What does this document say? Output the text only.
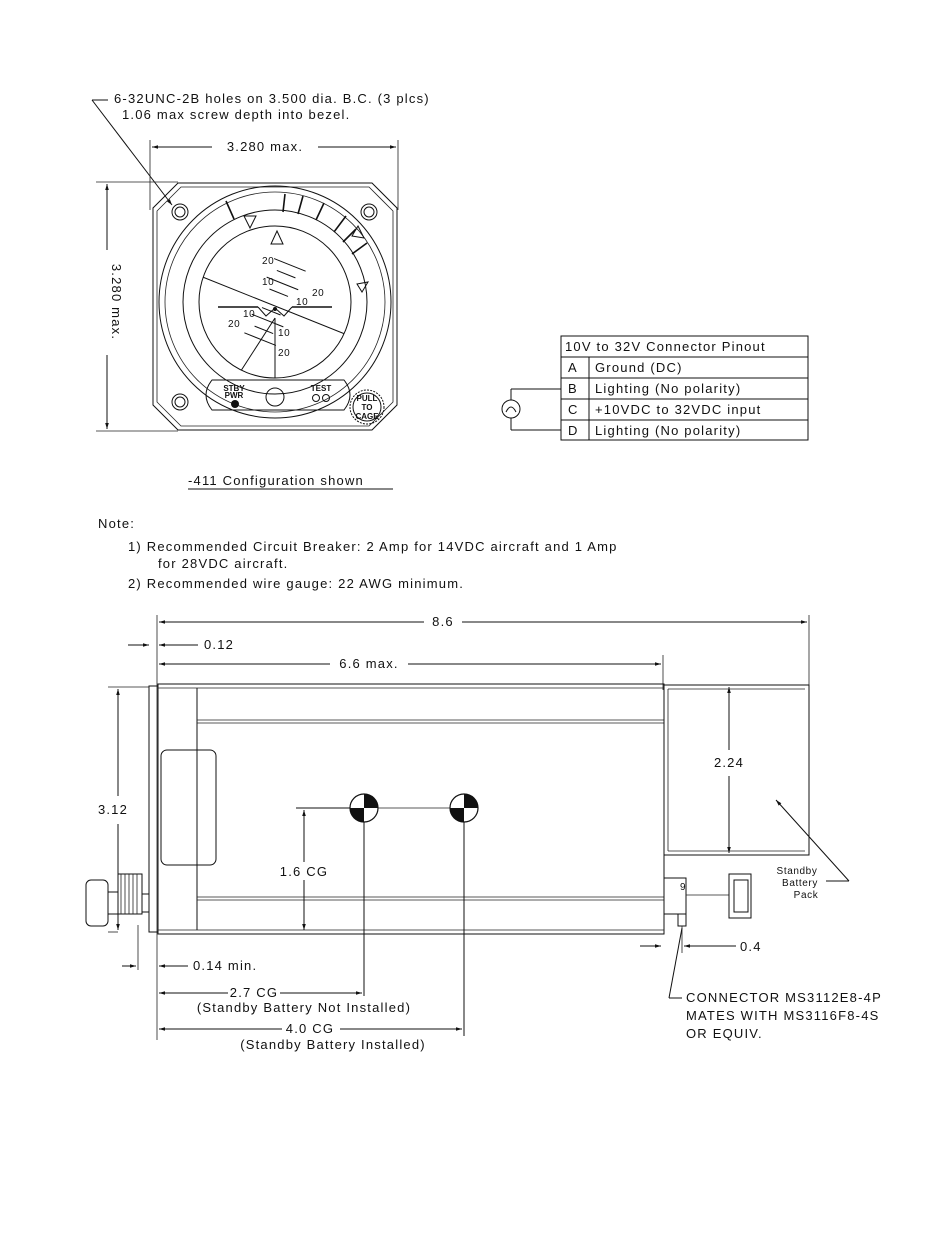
6-32UNC-2B holes on 3.500 dia. B.C. (3 plcs)
1.06 max screw depth into bezel.
3.280 max.
3.280 max.
20
10
20
10
10
20
10
20
STBY
PWR
TEST
PULL
TO
CAGE
-411 Configuration shown
10V to 32V Connector Pinout
A Ground (DC)
B Lighting (No polarity)
C +10VDC to 32VDC input
D Lighting (No polarity)
Note:
1) Recommended Circuit Breaker: 2 Amp for 14VDC aircraft and 1 Amp
for 28VDC aircraft.
2) Recommended wire gauge: 22 AWG minimum.
8.6
0.12
6.6 max.
2.24
Standby
Battery
Pack
9
0.4
CONNECTOR MS3112E8-4P
MATES WITH MS3116F8-4S
OR EQUIV.
3.12
0.14 min.
1.6 CG
2.7 CG
(Standby Battery Not Installed)
4.0 CG
(Standby Battery Installed)
